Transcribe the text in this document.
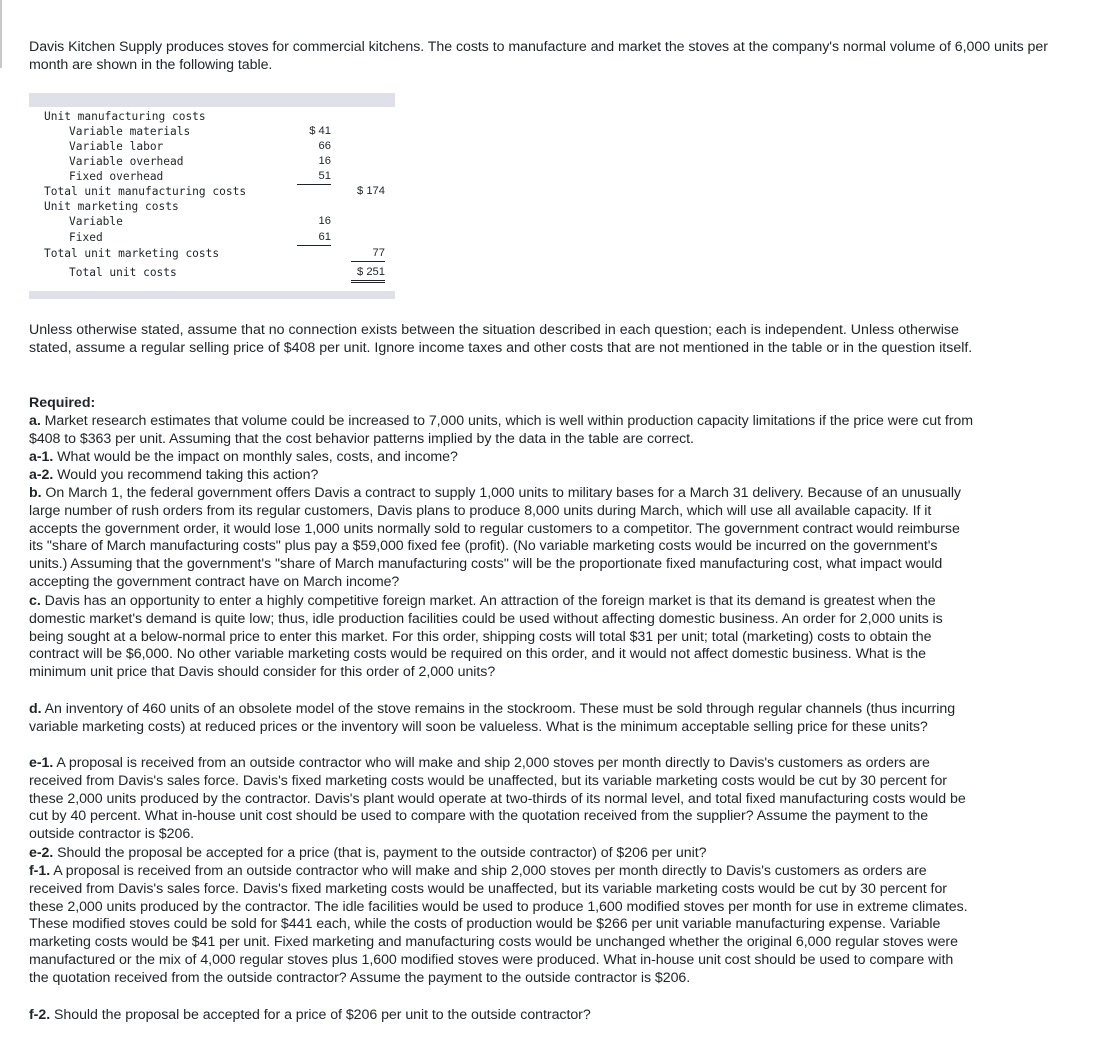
Davis Kitchen Supply produces stoves for commercial kitchens. The costs to manufacture and market the stoves at the company's normal volume of 6,000 units per month are shown in the following table.
Unit manufacturing costs
Variable materials	$ 41
Variable labor	66
Variable overhead	16
Fixed overhead	51
Total unit manufacturing costs	$ 174
Unit marketing costs
Variable	16
Fixed	61
Total unit marketing costs	77
Total unit costs	$ 251
Unless otherwise stated, assume that no connection exists between the situation described in each question; each is independent. Unless otherwise stated, assume a regular selling price of $408 per unit. Ignore income taxes and other costs that are not mentioned in the table or in the question itself.
Required:
a. Market research estimates that volume could be increased to 7,000 units, which is well within production capacity limitations if the price were cut from $408 to $363 per unit. Assuming that the cost behavior patterns implied by the data in the table are correct.
a-1. What would be the impact on monthly sales, costs, and income?
a-2. Would you recommend taking this action?
b. On March 1, the federal government offers Davis a contract to supply 1,000 units to military bases for a March 31 delivery. Because of an unusually large number of rush orders from its regular customers, Davis plans to produce 8,000 units during March, which will use all available capacity. If it accepts the government order, it would lose 1,000 units normally sold to regular customers to a competitor. The government contract would reimburse its "share of March manufacturing costs" plus pay a $59,000 fixed fee (profit). (No variable marketing costs would be incurred on the government's units.) Assuming that the government's "share of March manufacturing costs" will be the proportionate fixed manufacturing cost, what impact would accepting the government contract have on March income?
c. Davis has an opportunity to enter a highly competitive foreign market. An attraction of the foreign market is that its demand is greatest when the domestic market's demand is quite low; thus, idle production facilities could be used without affecting domestic business. An order for 2,000 units is being sought at a below-normal price to enter this market. For this order, shipping costs will total $31 per unit; total (marketing) costs to obtain the contract will be $6,000. No other variable marketing costs would be required on this order, and it would not affect domestic business. What is the minimum unit price that Davis should consider for this order of 2,000 units?
d. An inventory of 460 units of an obsolete model of the stove remains in the stockroom. These must be sold through regular channels (thus incurring variable marketing costs) at reduced prices or the inventory will soon be valueless. What is the minimum acceptable selling price for these units?
e-1. A proposal is received from an outside contractor who will make and ship 2,000 stoves per month directly to Davis's customers as orders are received from Davis's sales force. Davis's fixed marketing costs would be unaffected, but its variable marketing costs would be cut by 30 percent for these 2,000 units produced by the contractor. Davis's plant would operate at two-thirds of its normal level, and total fixed manufacturing costs would be cut by 40 percent. What in-house unit cost should be used to compare with the quotation received from the supplier? Assume the payment to the outside contractor is $206.
e-2. Should the proposal be accepted for a price (that is, payment to the outside contractor) of $206 per unit?
f-1. A proposal is received from an outside contractor who will make and ship 2,000 stoves per month directly to Davis's customers as orders are received from Davis's sales force. Davis's fixed marketing costs would be unaffected, but its variable marketing costs would be cut by 30 percent for these 2,000 units produced by the contractor. The idle facilities would be used to produce 1,600 modified stoves per month for use in extreme climates. These modified stoves could be sold for $441 each, while the costs of production would be $266 per unit variable manufacturing expense. Variable marketing costs would be $41 per unit. Fixed marketing and manufacturing costs would be unchanged whether the original 6,000 regular stoves were manufactured or the mix of 4,000 regular stoves plus 1,600 modified stoves were produced. What in-house unit cost should be used to compare with the quotation received from the outside contractor? Assume the payment to the outside contractor is $206.
f-2. Should the proposal be accepted for a price of $206 per unit to the outside contractor?
